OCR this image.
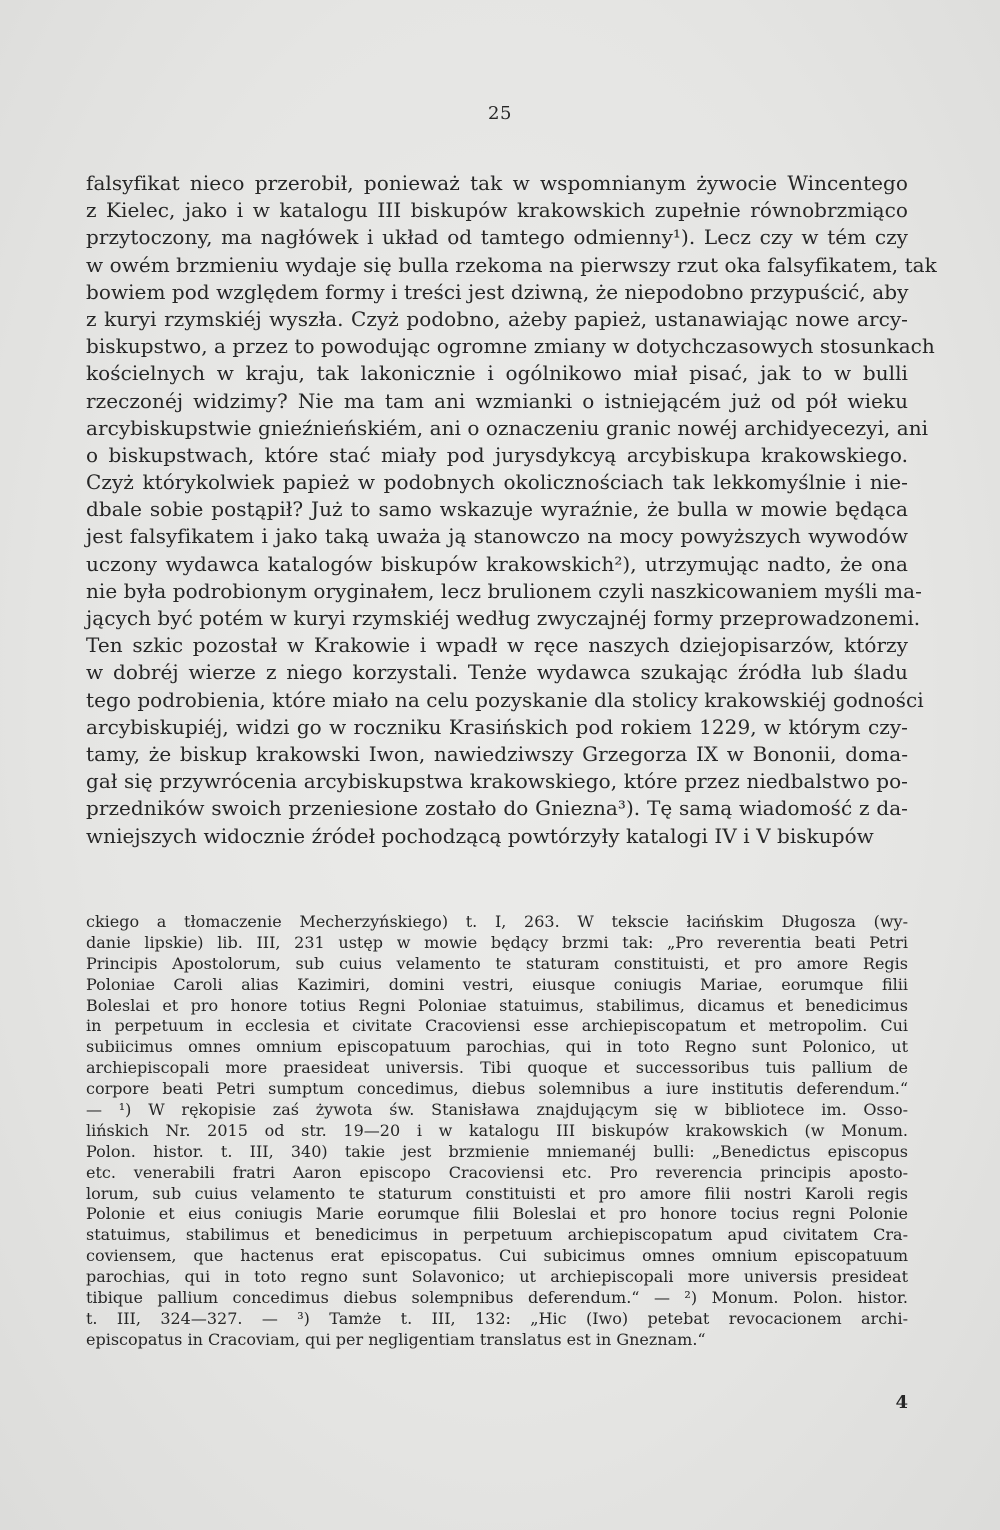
25
falsyfikat nieco przerobił, ponieważ tak w wspomnianym żywocie Wincentego
z Kielec, jako i w katalogu III biskupów krakowskich zupełnie równobrzmiąco
przytoczony, ma nagłówek i układ od tamtego odmienny¹). Lecz czy w tém czy
w owém brzmieniu wydaje się bulla rzekoma na pierwszy rzut oka falsyfikatem, tak
bowiem pod względem formy i treści jest dziwną, że niepodobno przypuścić, aby
z kuryi rzymskiéj wyszła. Czyż podobno, ażeby papież, ustanawiając nowe arcy-
biskupstwo, a przez to powodując ogromne zmiany w dotychczasowych stosunkach
kościelnych w kraju, tak lakonicznie i ogólnikowo miał pisać, jak to w bulli
rzeczonéj widzimy? Nie ma tam ani wzmianki o istniejącém już od pół wieku
arcybiskupstwie gnieźnieńskiém, ani o oznaczeniu granic nowéj archidyecezyi, ani
o biskupstwach, które stać miały pod jurysdykcyą arcybiskupa krakowskiego.
Czyż którykolwiek papież w podobnych okolicznościach tak lekkomyślnie i nie-
dbale sobie postąpił? Już to samo wskazuje wyraźnie, że bulla w mowie będąca
jest falsyfikatem i jako taką uważa ją stanowczo na mocy powyższych wywodów
uczony wydawca katalogów biskupów krakowskich²), utrzymując nadto, że ona
nie była podrobionym oryginałem, lecz brulionem czyli naszkicowaniem myśli ma-
jących być potém w kuryi rzymskiéj według zwyczajnéj formy przeprowadzonemi.
Ten szkic pozostał w Krakowie i wpadł w ręce naszych dziejopisarzów, którzy
w dobréj wierze z niego korzystali. Tenże wydawca szukając źródła lub śladu
tego podrobienia, które miało na celu pozyskanie dla stolicy krakowskiéj godności
arcybiskupiéj, widzi go w roczniku Krasińskich pod rokiem 1229, w którym czy-
tamy, że biskup krakowski Iwon, nawiedziwszy Grzegorza IX w Bononii, doma-
gał się przywrócenia arcybiskupstwa krakowskiego, które przez niedbalstwo po-
przedników swoich przeniesione zostało do Gniezna³). Tę samą wiadomość z da-
wniejszych widocznie źródeł pochodzącą powtórzyły katalogi IV i V biskupów
ckiego a tłomaczenie Mecherzyńskiego) t. I, 263. W tekscie łacińskim Długosza (wy-
danie lipskie) lib. III, 231 ustęp w mowie będący brzmi tak: „Pro reverentia beati Petri
Principis Apostolorum, sub cuius velamento te staturam constituisti, et pro amore Regis
Poloniae Caroli alias Kazimiri, domini vestri, eiusque coniugis Mariae, eorumque filii
Boleslai et pro honore totius Regni Poloniae statuimus, stabilimus, dicamus et benedicimus
in perpetuum in ecclesia et civitate Cracoviensi esse archiepiscopatum et metropolim. Cui
subiicimus omnes omnium episcopatuum parochias, qui in toto Regno sunt Polonico, ut
archiepiscopali more praesideat universis. Tibi quoque et successoribus tuis pallium de
corpore beati Petri sumptum concedimus, diebus solemnibus a iure institutis deferendum.“
— ¹) W rękopisie zaś żywota św. Stanisława znajdującym się w bibliotece im. Osso-
lińskich Nr. 2015 od str. 19—20 i w katalogu III biskupów krakowskich (w Monum.
Polon. histor. t. III, 340) takie jest brzmienie mniemanéj bulli: „Benedictus episcopus
etc. venerabili fratri Aaron episcopo Cracoviensi etc. Pro reverencia principis aposto-
lorum, sub cuius velamento te staturum constituisti et pro amore filii nostri Karoli regis
Polonie et eius coniugis Marie eorumque filii Boleslai et pro honore tocius regni Polonie
statuimus, stabilimus et benedicimus in perpetuum archiepiscopatum apud civitatem Cra-
coviensem, que hactenus erat episcopatus. Cui subicimus omnes omnium episcopatuum
parochias, qui in toto regno sunt Solavonico; ut archiepiscopali more universis presideat
tibique pallium concedimus diebus solempnibus deferendum.“ — ²) Monum. Polon. histor.
t. III, 324—327. — ³) Tamże t. III, 132: „Hic (Iwo) petebat revocacionem archi-
episcopatus in Cracoviam, qui per negligentiam translatus est in Gneznam.“
4
